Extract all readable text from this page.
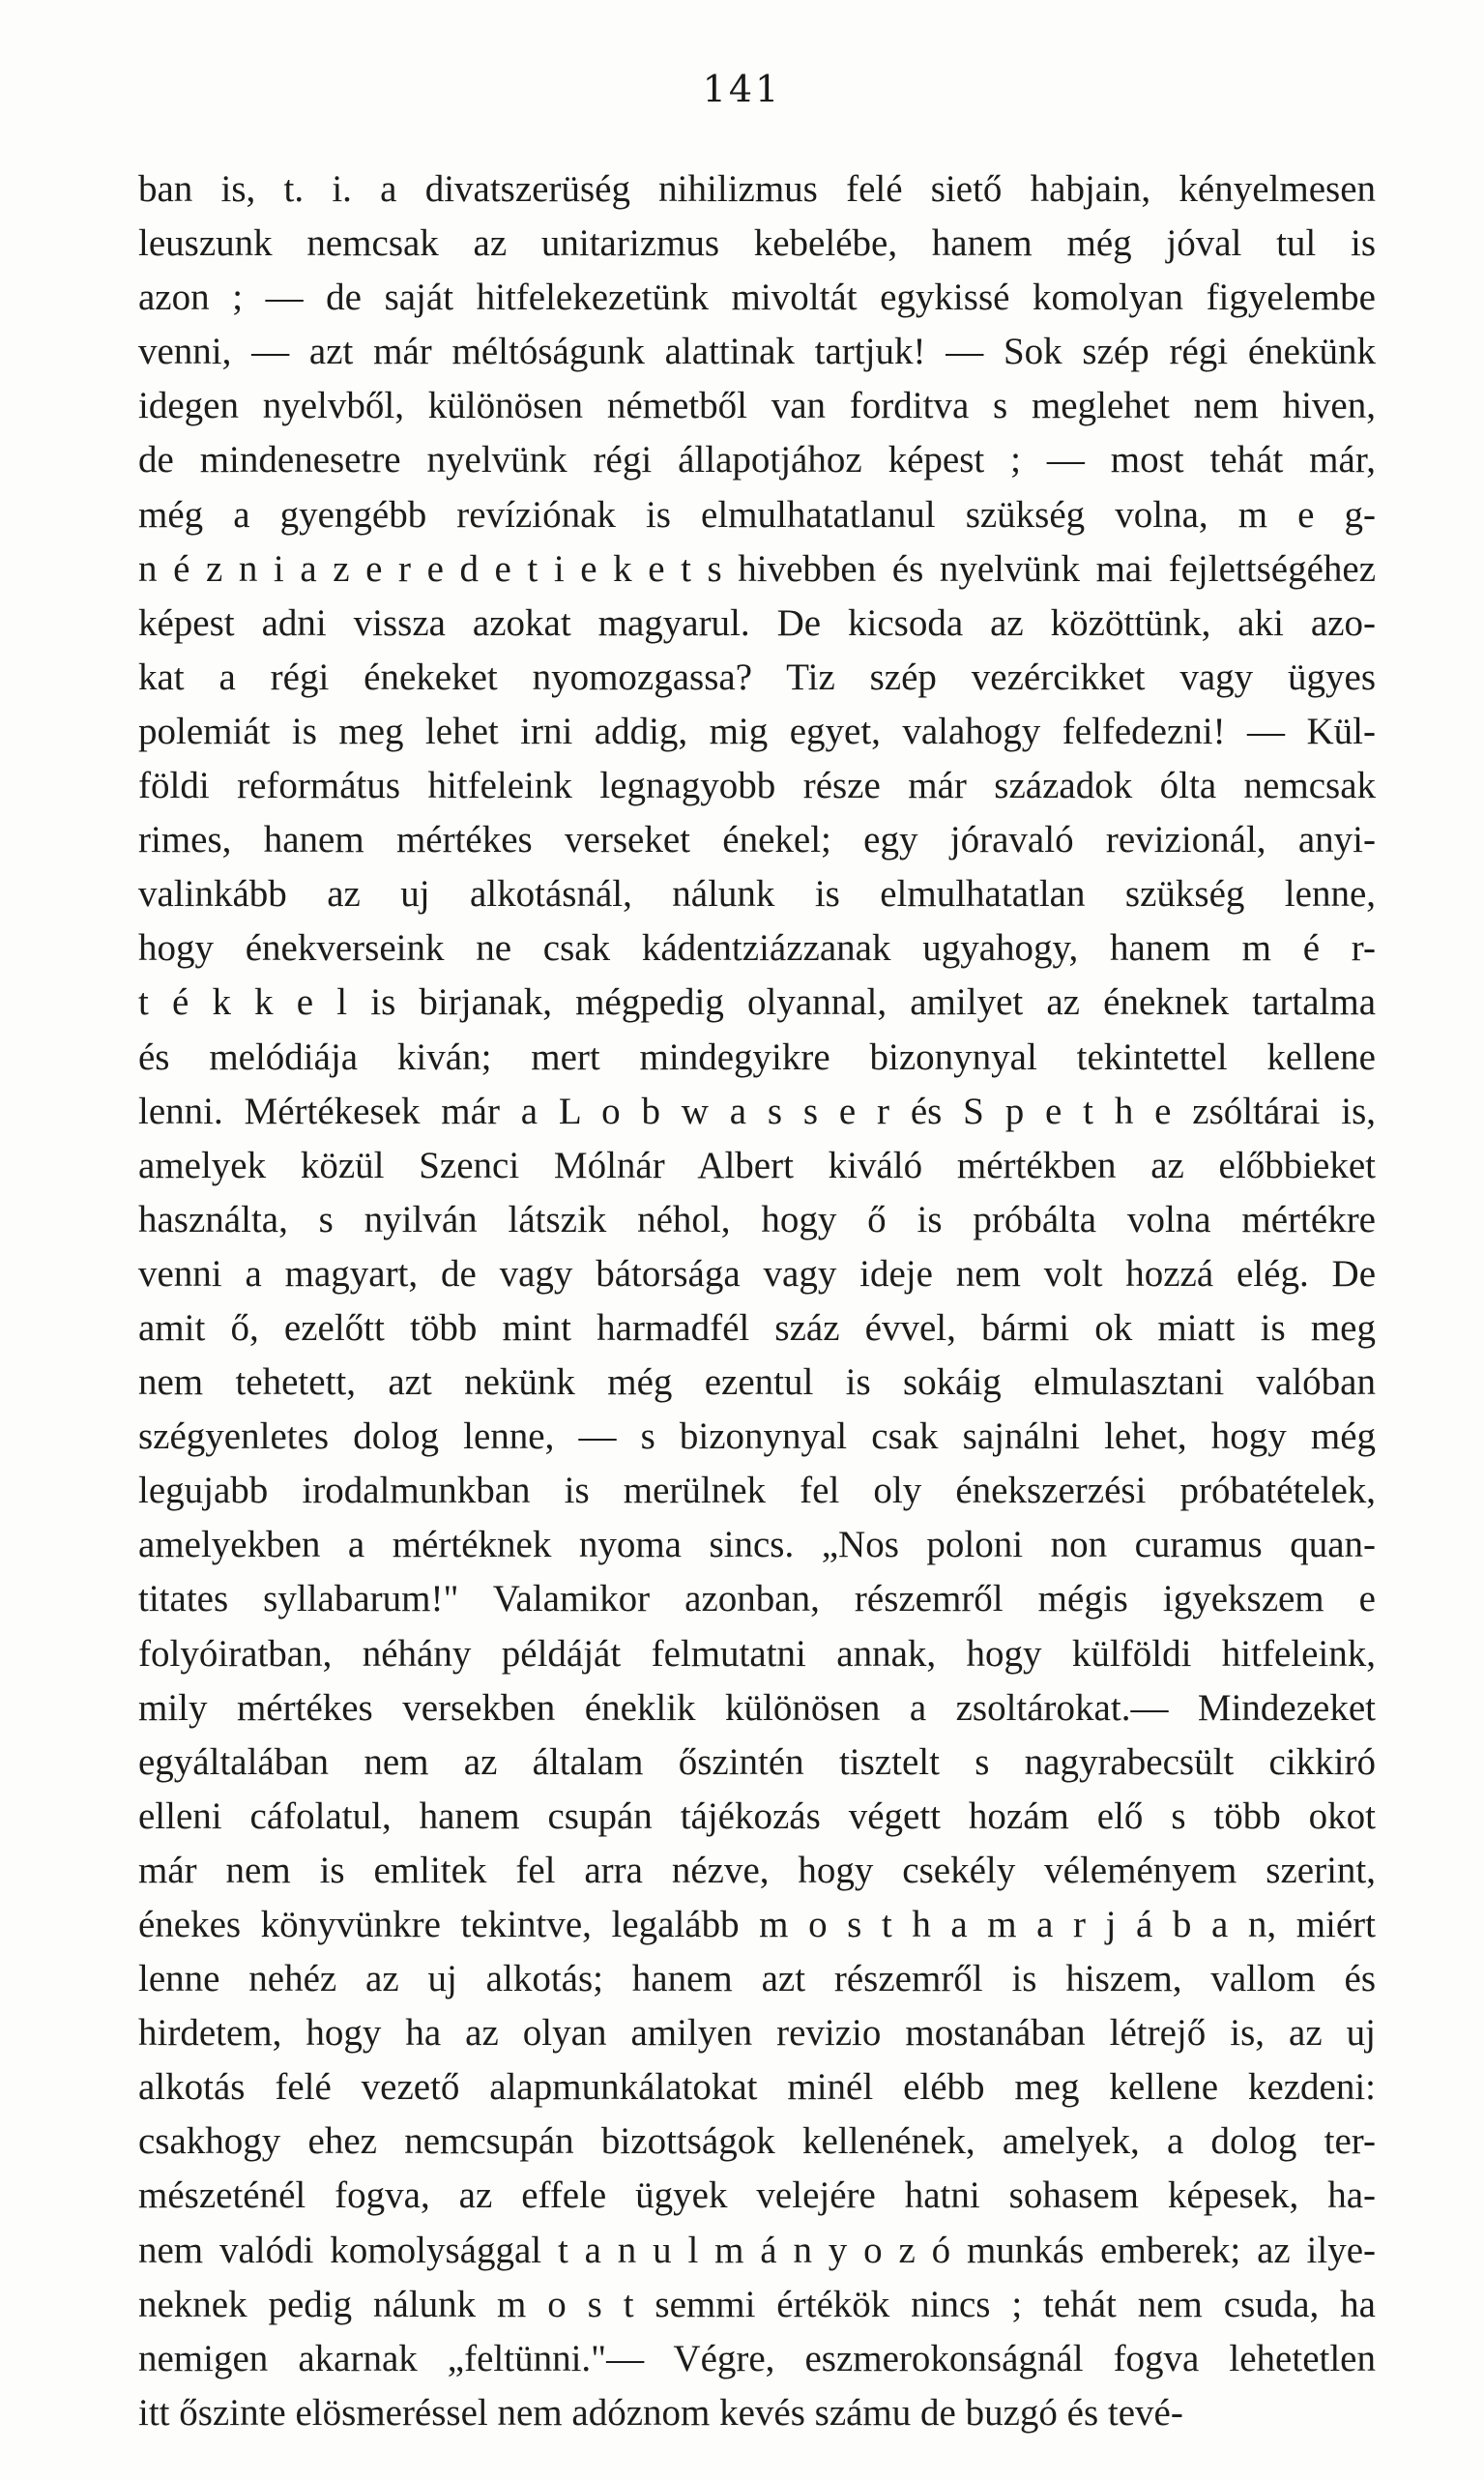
141
ban is, t. i. a divatszerüség nihilizmus felé siető habjain, kényelmesen
leuszunk nemcsak az unitarizmus kebelébe, hanem még jóval tul is
azon ; — de saját hitfelekezetünk mivoltát egykissé komolyan figyelembe
venni, — azt már méltóságunk alattinak tartjuk! — Sok szép régi énekünk
idegen nyelvből, különösen németből van forditva s meglehet nem hiven,
de mindenesetre nyelvünk régi állapotjához képest ; — most tehát már,
még a gyengébb revíziónak is elmulhatatlanul szükség volna, m e g-
n é z n i a z e r e d e t i e k e t s hivebben és nyelvünk mai fejlettségéhez
képest adni vissza azokat magyarul. De kicsoda az közöttünk, aki azo-
kat a régi énekeket nyomozgassa? Tiz szép vezércikket vagy ügyes
polemiát is meg lehet irni addig, mig egyet, valahogy felfedezni! — Kül-
földi református hitfeleink legnagyobb része már századok ólta nemcsak
rimes, hanem mértékes verseket énekel; egy jóravaló revizionál, anyi-
valinkább az uj alkotásnál, nálunk is elmulhatatlan szükség lenne,
hogy énekverseink ne csak kádentziázzanak ugyahogy, hanem m é r-
t é k k e l is birjanak, mégpedig olyannal, amilyet az éneknek tartalma
és melódiája kiván; mert mindegyikre bizonynyal tekintettel kellene
lenni. Mértékesek már a L o b w a s s e r és S p e t h e zsóltárai is,
amelyek közül Szenci Mólnár Albert kiváló mértékben az előbbieket
használta, s nyilván látszik néhol, hogy ő is próbálta volna mértékre
venni a magyart, de vagy bátorsága vagy ideje nem volt hozzá elég. De
amit ő, ezelőtt több mint harmadfél száz évvel, bármi ok miatt is meg
nem tehetett, azt nekünk még ezentul is sokáig elmulasztani valóban
szégyenletes dolog lenne, — s bizonynyal csak sajnálni lehet, hogy még
legujabb irodalmunkban is merülnek fel oly énekszerzési próbatételek,
amelyekben a mértéknek nyoma sincs. „Nos poloni non curamus quan-
titates syllabarum!" Valamikor azonban, részemről mégis igyekszem e
folyóiratban, néhány példáját felmutatni annak, hogy külföldi hitfeleink,
mily mértékes versekben éneklik különösen a zsoltárokat.— Mindezeket
egyáltalában nem az általam őszintén tisztelt s nagyrabecsült cikkiró
elleni cáfolatul, hanem csupán tájékozás végett hozám elő s több okot
már nem is emlitek fel arra nézve, hogy csekély véleményem szerint,
énekes könyvünkre tekintve, legalább m o s t h a m a r j á b a n, miért
lenne nehéz az uj alkotás; hanem azt részemről is hiszem, vallom és
hirdetem, hogy ha az olyan amilyen revizio mostanában létrejő is, az uj
alkotás felé vezető alapmunkálatokat minél elébb meg kellene kezdeni:
csakhogy ehez nemcsupán bizottságok kellenének, amelyek, a dolog ter-
mészeténél fogva, az effele ügyek velejére hatni sohasem képesek, ha-
nem valódi komolysággal t a n u l m á n y o z ó munkás emberek; az ilye-
neknek pedig nálunk m o s t semmi értékök nincs ; tehát nem csuda, ha
nemigen akarnak „feltünni."— Végre, eszmerokonságnál fogva lehetetlen
itt őszinte elösmeréssel nem adóznom kevés számu de buzgó és tevé-
